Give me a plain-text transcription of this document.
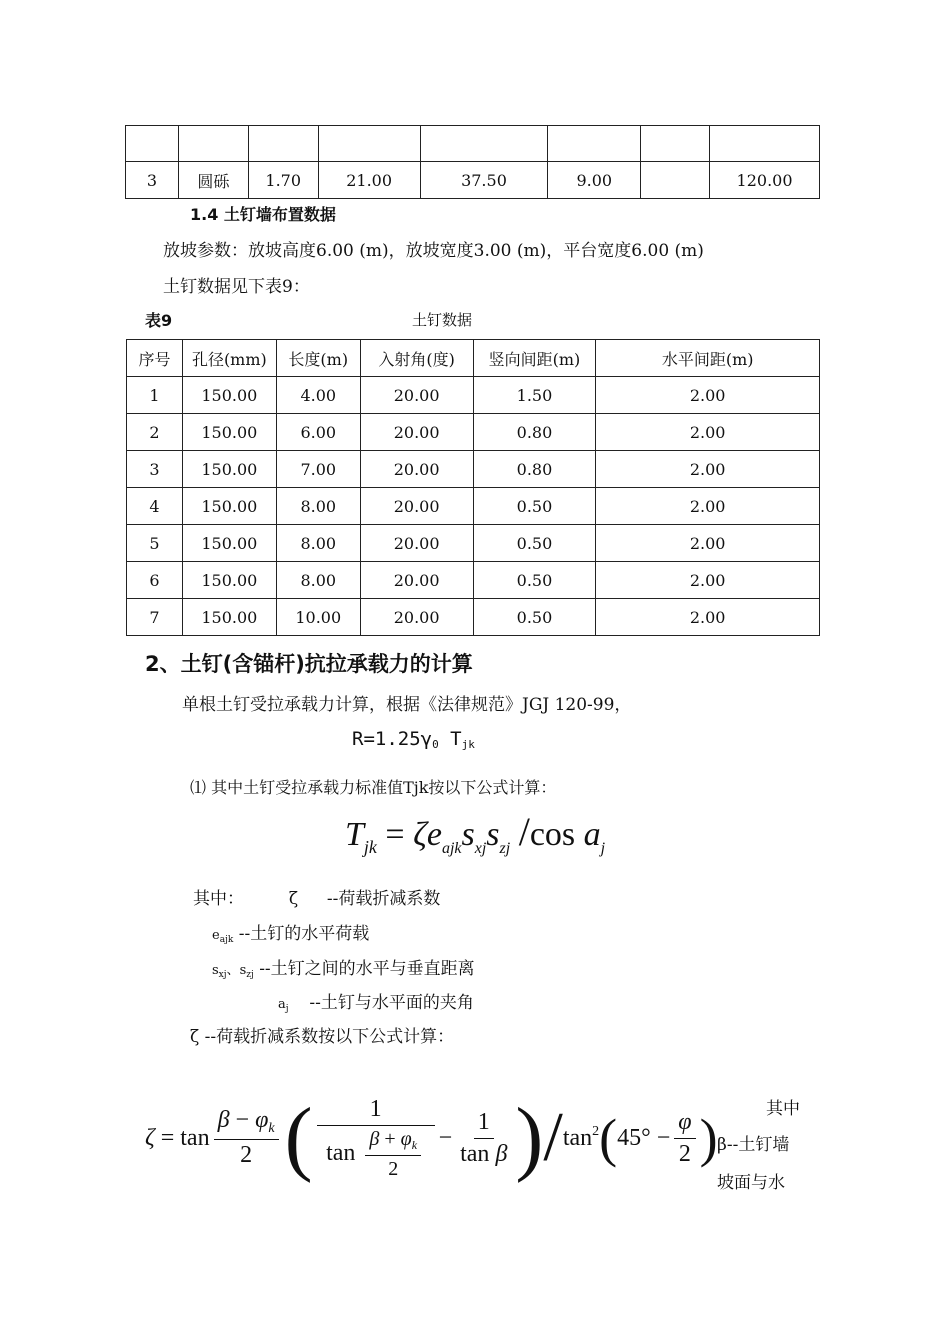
3	圆砾	1.70	21.00	37.50	9.00		120.00
1.4 土钉墙布置数据
放坡参数：放坡高度6.00 (m)，放坡宽度3.00 (m)，平台宽度6.00 (m)
土钉数据见下表9：
表9	土钉数据
序号	孔径(mm)	长度(m)	入射角(度)	竖向间距(m)	水平间距(m)
1	150.00	4.00	20.00	1.50	2.00
2	150.00	6.00	20.00	0.80	2.00
3	150.00	7.00	20.00	0.80	2.00
4	150.00	8.00	20.00	0.50	2.00
5	150.00	8.00	20.00	0.50	2.00
6	150.00	8.00	20.00	0.50	2.00
7	150.00	10.00	20.00	0.50	2.00
2、土钉(含锚杆)抗拉承载力的计算
单根土钉受拉承载力计算，根据《法律规范》JGJ 120-99，
$R=1.25\gamma_0$ $T_{jk}$
⑴ 其中土钉受拉承载力标准值Tjk按以下公式计算：
$T_{jk} = \zeta e_{ajk}s_{xj}s_{zj}$ /cos $a_j$
其中：	ζ --荷载折减系数
$e_{ajk}$ --土钉的水平荷载
$s_{xj}$、$s_{zj}$ --土钉之间的水平与垂直距离
$a_j$ --土钉与水平面的夹角
ζ --荷载折减系数按以下公式计算：
$\zeta = \tan \frac{\beta - \varphi_k}{2}$ ( $\frac{1}{\tan \frac{\beta + \varphi_k}{2}} - \frac{1}{\text{tan β}}$ ) / $\tan^2$ ( $45^\circ - \frac{\varphi}{2}$ )	其中
β--土钉墙
坡面与水
